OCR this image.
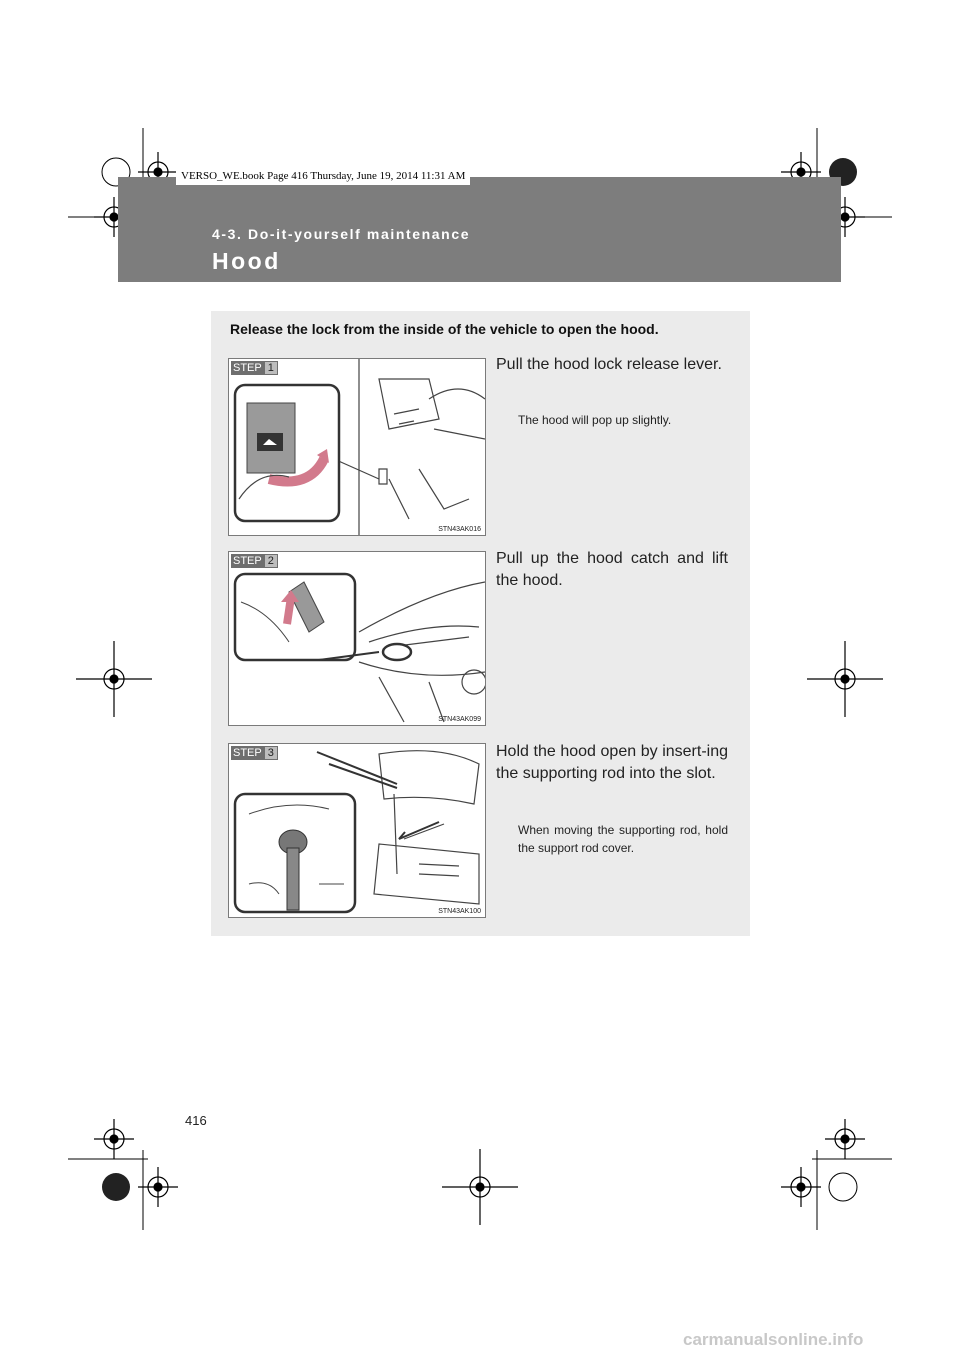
VERSO_WE.book Page 416 Thursday, June 19, 2014 11:31 AM
4-3. Do-it-yourself maintenance
Hood
Release the lock from the inside of the vehicle to open the hood.
STEP 1
STN43AK016
Pull the hood lock release lever.
The hood will pop up slightly.
STEP 2
STN43AK099
Pull up the hood catch and lift the hood.
STEP 3
STN43AK100
Hold the hood open by insert-ing the supporting rod into the slot.
When moving the supporting rod, hold the support rod cover.
416
carmanualsonline.info
